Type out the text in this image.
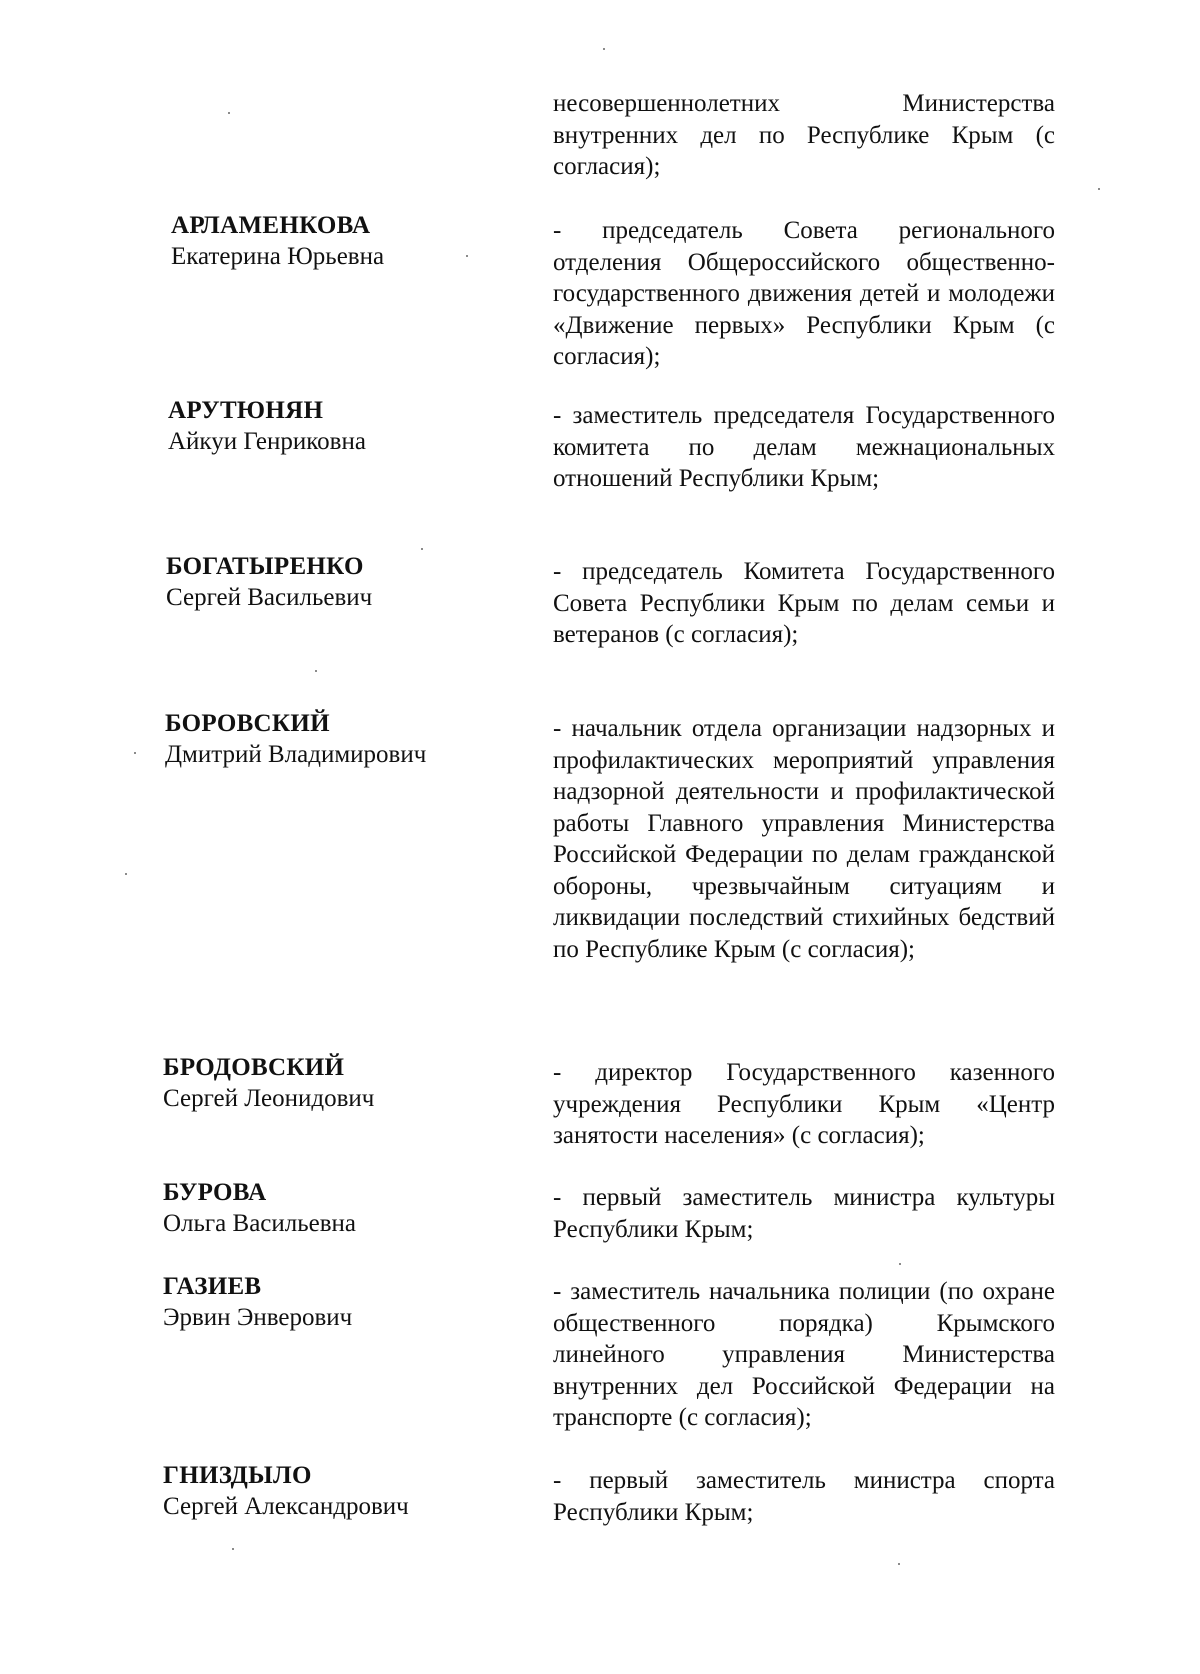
несовершеннолетних Министерства внутренних дел по Республике Крым (с согласия);

АРЛАМЕНКОВА

Екатерина Юрьевна

- председатель Совета регионального отделения Общероссийского общественно-государственного движения детей и молодежи «Движение первых» Республики Крым (с согласия);

АРУТЮНЯН

Айкуи Генриковна

- заместитель председателя Государственного комитета по делам межнациональных отношений Республики Крым;

БОГАТЫРЕНКО

Сергей Васильевич

- председатель Комитета Государственного Совета Республики Крым по делам семьи и ветеранов (с согласия);

БОРОВСКИЙ

Дмитрий Владимирович

- начальник отдела организации надзорных и профилактических мероприятий управления надзорной деятельности и профилактической работы Главного управления Министерства Российской Федерации по делам гражданской обороны, чрезвычайным ситуациям и ликвидации последствий стихийных бедствий по Республике Крым (с согласия);

БРОДОВСКИЙ

Сергей Леонидович

- директор Государственного казенного учреждения Республики Крым «Центр занятости населения» (с согласия);

БУРОВА

Ольга Васильевна

- первый заместитель министра культуры Республики Крым;

ГАЗИЕВ

Эрвин Энверович

- заместитель начальника полиции (по охране общественного порядка) Крымского линейного управления Министерства внутренних дел Российской Федерации на транспорте (с согласия);

ГНИЗДЫЛО

Сергей Александрович

- первый заместитель министра спорта Республики Крым;
